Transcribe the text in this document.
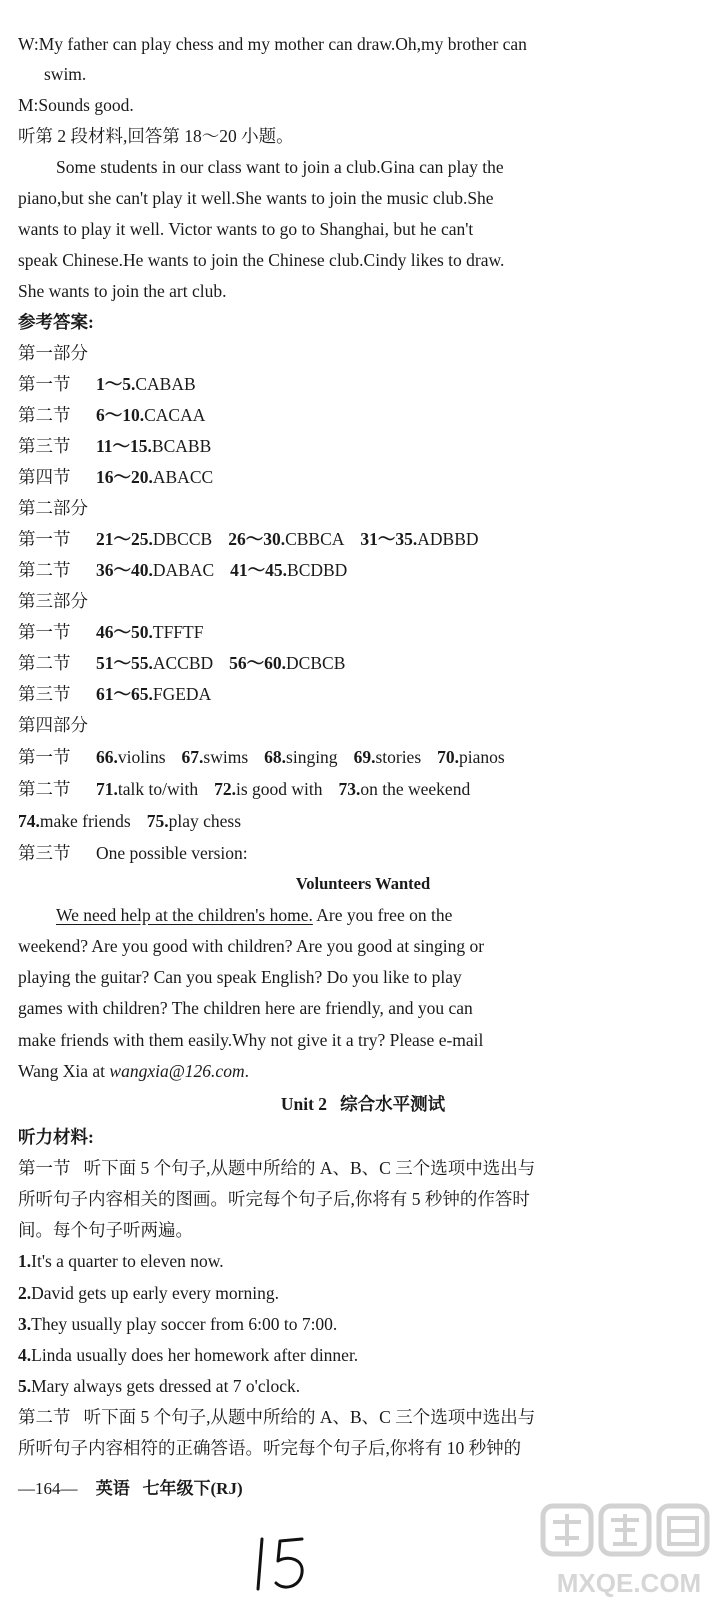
W:My father can play chess and my mother can draw.Oh,my brother can
swim.
M:Sounds good.
听第 2 段材料,回答第 18～20 小题。
Some students in our class want to join a club.Gina can play the
piano,but she can't play it well.She wants to join the music club.She
wants to play it well. Victor wants to go to Shanghai, but he can't
speak Chinese.He wants to join the Chinese club.Cindy likes to draw.
She wants to join the art club.
参考答案:
第一部分
第一节 1～5.CABAB
第二节 6～10.CACAA
第三节 11～15.BCABB
第四节 16～20.ABACC
第二部分
第一节 21～25.DBCCB 26～30.CBBCA 31～35.ADBBD
第二节 36～40.DABAC 41～45.BCDBD
第三部分
第一节 46～50.TFFTF
第二节 51～55.ACCBD 56～60.DCBCB
第三节 61～65.FGEDA
第四部分
第一节 66.violins 67.swims 68.singing 69.stories 70.pianos
第二节 71.talk to/with 72.is good with 73.on the weekend
74.make friends 75.play chess
第三节 One possible version:
Volunteers Wanted
We need help at the children's home. Are you free on the
weekend? Are you good with children? Are you good at singing or
playing the guitar? Can you speak English? Do you like to play
games with children? The children here are friendly, and you can
make friends with them easily.Why not give it a try? Please e-mail
Wang Xia at wangxia@126.com.
Unit 2   综合水平测试
听力材料:
第一节   听下面 5 个句子,从题中所给的 A、B、C 三个选项中选出与
所听句子内容相关的图画。听完每个句子后,你将有 5 秒钟的作答时
间。每个句子听两遍。
1.It's a quarter to eleven now.
2.David gets up early every morning.
3.They usually play soccer from 6:00 to 7:00.
4.Linda usually does her homework after dinner.
5.Mary always gets dressed at 7 o'clock.
第二节   听下面 5 个句子,从题中所给的 A、B、C 三个选项中选出与
所听句子内容相符的正确答语。听完每个句子后,你将有 10 秒钟的
—164— 英语   七年级下(RJ)
MXQE.COM
